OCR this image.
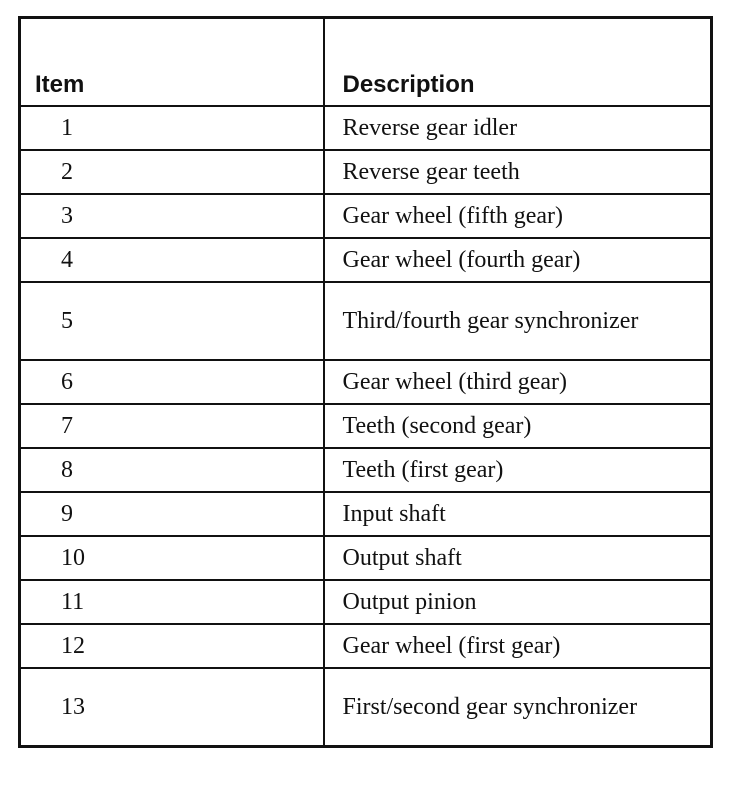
Item	Description
1	Reverse gear idler
2	Reverse gear teeth
3	Gear wheel (fifth gear)
4	Gear wheel (fourth gear)
5	Third/fourth gear synchronizer
6	Gear wheel (third gear)
7	Teeth (second gear)
8	Teeth (first gear)
9	Input shaft
10	Output shaft
11	Output pinion
12	Gear wheel (first gear)
13	First/second gear synchronizer
